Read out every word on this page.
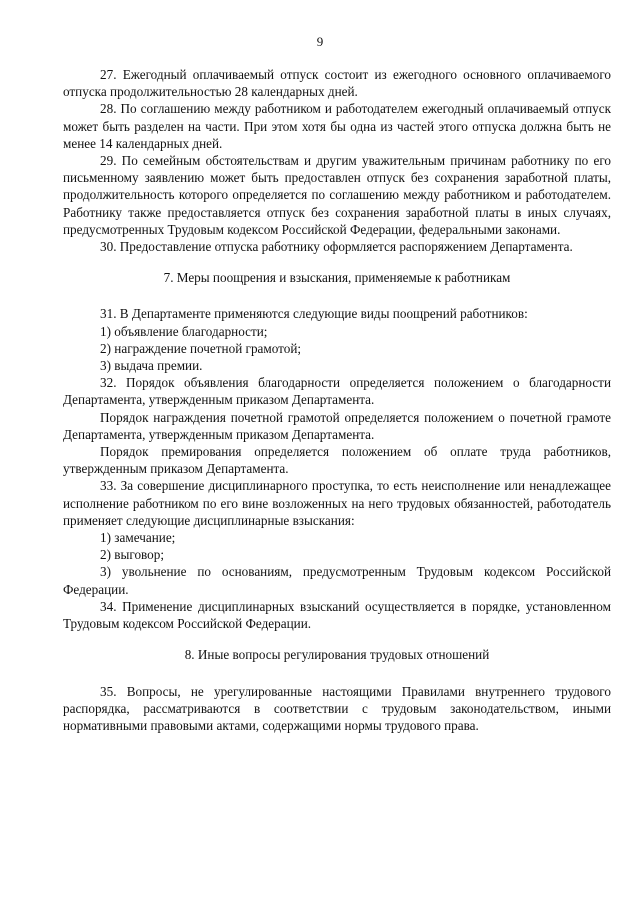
9

27. Ежегодный оплачиваемый отпуск состоит из ежегодного основного оплачиваемого отпуска продолжительностью 28 календарных дней.

28. По соглашению между работником и работодателем ежегодный оплачиваемый отпуск может быть разделен на части. При этом хотя бы одна из частей этого отпуска должна быть не менее 14 календарных дней.

29. По семейным обстоятельствам и другим уважительным причинам работнику по его письменному заявлению может быть предоставлен отпуск без сохранения заработной платы, продолжительность которого определяется по соглашению между работником и работодателем. Работнику также предоставляется отпуск без сохранения заработной платы в иных случаях, предусмотренных Трудовым кодексом Российской Федерации, федеральными законами.

30. Предоставление отпуска работнику оформляется распоряжением Департамента.

7. Меры поощрения и взыскания, применяемые к работникам

31. В Департаменте применяются следующие виды поощрений работников:

1) объявление благодарности;

2) награждение почетной грамотой;

3) выдача премии.

32. Порядок объявления благодарности определяется положением о благодарности Департамента, утвержденным приказом Департамента.

Порядок награждения почетной грамотой определяется положением о почетной грамоте Департамента, утвержденным приказом Департамента.

Порядок премирования определяется положением об оплате труда работников, утвержденным приказом Департамента.

33. За совершение дисциплинарного проступка, то есть неисполнение или ненадлежащее исполнение работником по его вине возложенных на него трудовых обязанностей, работодатель применяет следующие дисциплинарные взыскания:

1) замечание;

2) выговор;

3) увольнение по основаниям, предусмотренным Трудовым кодексом Российской Федерации.

34. Применение дисциплинарных взысканий осуществляется в порядке, установленном Трудовым кодексом Российской Федерации.

8. Иные вопросы регулирования трудовых отношений

35. Вопросы, не урегулированные настоящими Правилами внутреннего трудового распорядка, рассматриваются в соответствии с трудовым законодательством, иными нормативными правовыми актами, содержащими нормы трудового права.
